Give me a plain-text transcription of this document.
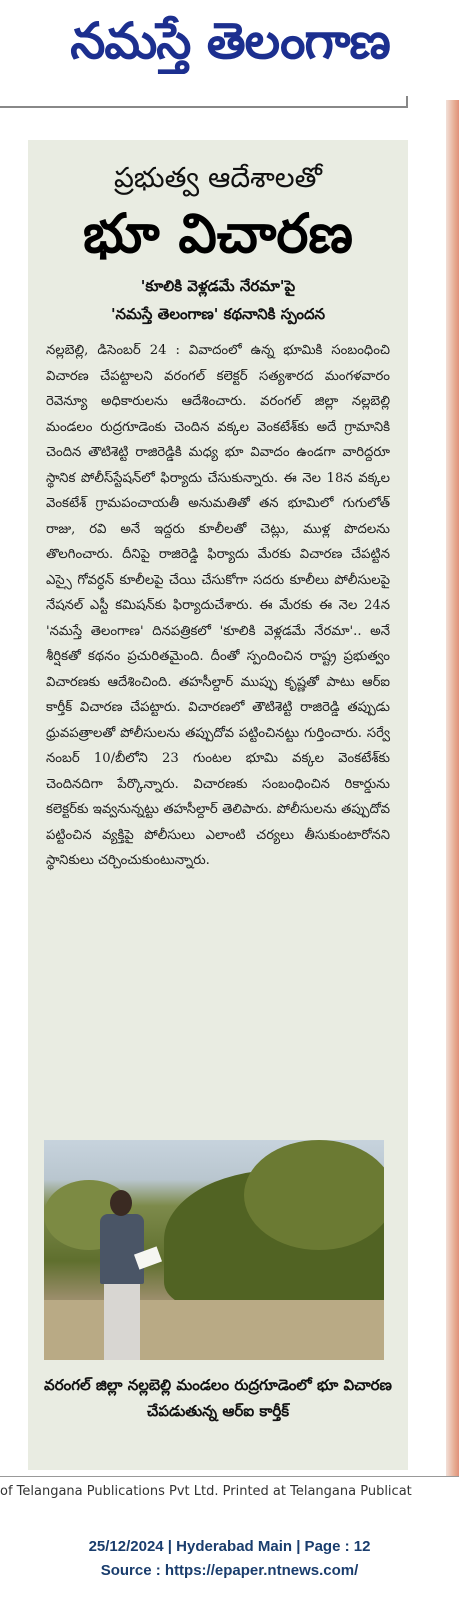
నమస్తే తెలంగాణ
ప్రభుత్వ ఆదేశాలతో
భూ విచారణ
'కూలికి వెళ్లడమే నేరమా'పై
'నమస్తే తెలంగాణ' కథనానికి స్పందన
నల్లబెల్లి, డిసెంబర్ 24 : వివాదంలో ఉన్న భూమికి సంబంధించి విచారణ చేపట్టాలని వరంగల్ కలెక్టర్ సత్యశారద మంగళవారం రెవెన్యూ అధికారులను ఆదేశించారు. వరంగల్ జిల్లా నల్లబెల్లి మండలం రుద్రగూడెంకు చెందిన వక్కల వెంకటేశ్‌కు అదే గ్రామానికి చెందిన తౌటిశెట్టి రాజిరెడ్డికి మధ్య భూ వివాదం ఉండగా వారిద్దరూ స్థానిక పోలీస్‌స్టేషన్‌లో ఫిర్యాదు చేసుకున్నారు. ఈ నెల 18న వక్కల వెంకటేశ్ గ్రామపంచాయతీ అనుమతితో తన భూమిలో గుగులోత్ రాజు, రవి అనే ఇద్దరు కూలీలతో చెట్లు, ముళ్ల పొదలను తొలగించారు. దీనిపై రాజిరెడ్డి ఫిర్యాదు మేరకు విచారణ చేపట్టిన ఎస్సై గోవర్ధన్ కూలీలపై చేయి చేసుకోగా సదరు కూలీలు పోలీసులపై నేషనల్ ఎస్టీ కమిషన్‌కు ఫిర్యాదుచేశారు. ఈ మేరకు ఈ నెల 24న 'నమస్తే తెలంగాణ' దినపత్రికలో 'కూలికి వెళ్లడమే నేరమా'.. అనే శీర్షికతో కథనం ప్రచురితమైంది. దీంతో స్పందించిన రాష్ట్ర ప్రభుత్వం విచారణకు ఆదేశించింది. తహసీల్దార్ ముప్పు కృష్ణతో పాటు ఆర్‌ఐ కార్తీక్ విచారణ చేపట్టారు. విచారణలో తౌటిశెట్టి రాజిరెడ్డి తప్పుడు ధ్రువపత్రాలతో పోలీసులను తప్పుదోవ పట్టించినట్టు గుర్తించారు. సర్వే నంబర్ 10/బీలోని 23 గుంటల భూమి వక్కల వెంకటేశ్‌కు చెందినదిగా పేర్కొన్నారు. విచారణకు సంబంధించిన రికార్డును కలెక్టర్‌కు ఇవ్వనున్నట్టు తహసీల్దార్ తెలిపారు. పోలీసులను తప్పుదోవ పట్టించిన వ్యక్తిపై పోలీసులు ఎలాంటి చర్యలు తీసుకుంటారోనని స్థానికులు చర్చించుకుంటున్నారు.
వరంగల్ జిల్లా నల్లబెల్లి మండలం రుద్రగూడెంలో భూ విచారణ చేపడుతున్న ఆర్‌ఐ కార్తీక్
of Telangana Publications Pvt Ltd. Printed at Telangana Publicat
25/12/2024 | Hyderabad Main | Page : 12
Source : https://epaper.ntnews.com/
